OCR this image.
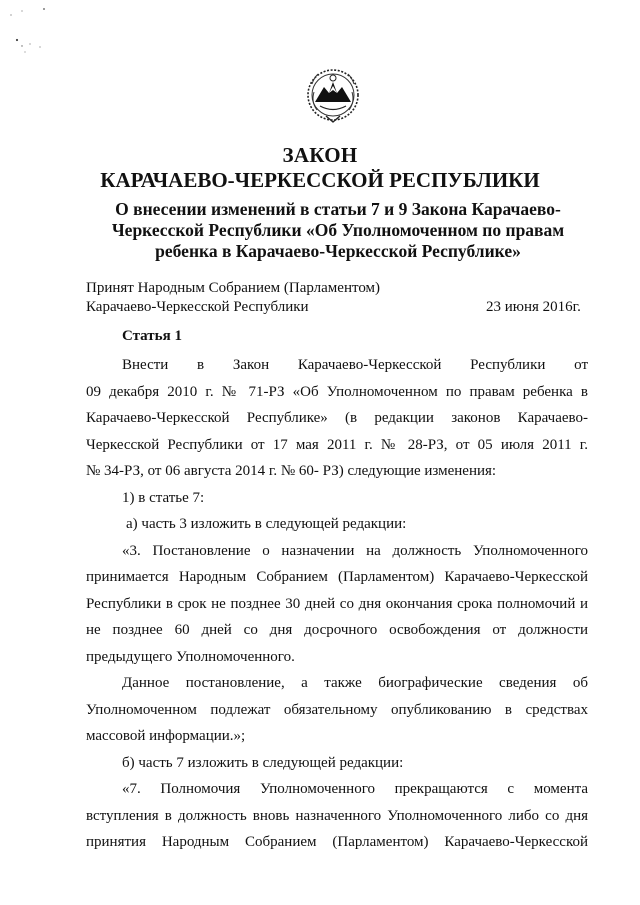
ЗАКОН
КАРАЧАЕВО-ЧЕРКЕССКОЙ РЕСПУБЛИКИ
О внесении изменений в статьи 7 и 9 Закона Карачаево-
Черкесской Республики «Об Уполномоченном по правам
ребенка в Карачаево-Черкесской Республике»
Принят Народным Собранием (Парламентом)
Карачаево-Черкесской Республики	23 июня 2016г.
Статья 1

Внести в Закон Карачаево-Черкесской Республики от

09 декабря 2010 г. № 71-РЗ «Об Уполномоченном по правам ребенка в

Карачаево-Черкесской Республике» (в редакции законов Карачаево-

Черкесской Республики от 17 мая 2011 г. № 28-РЗ, от 05 июля 2011 г.

№ 34-РЗ, от 06 августа 2014 г. № 60- РЗ) следующие изменения:

1) в статье 7:

а) часть 3 изложить в следующей редакции:

«3. Постановление о назначении на должность Уполномоченного

принимается Народным Собранием (Парламентом) Карачаево-Черкесской

Республики в срок не позднее 30 дней со дня окончания срока полномочий и

не позднее 60 дней со дня досрочного освобождения от должности

предыдущего Уполномоченного.

Данное постановление, а также биографические сведения об

Уполномоченном подлежат обязательному опубликованию в средствах

массовой информации.»;

б) часть 7 изложить в следующей редакции:

«7. Полномочия Уполномоченного прекращаются с момента

вступления в должность вновь назначенного Уполномоченного либо со дня

принятия Народным Собранием (Парламентом) Карачаево-Черкесской
